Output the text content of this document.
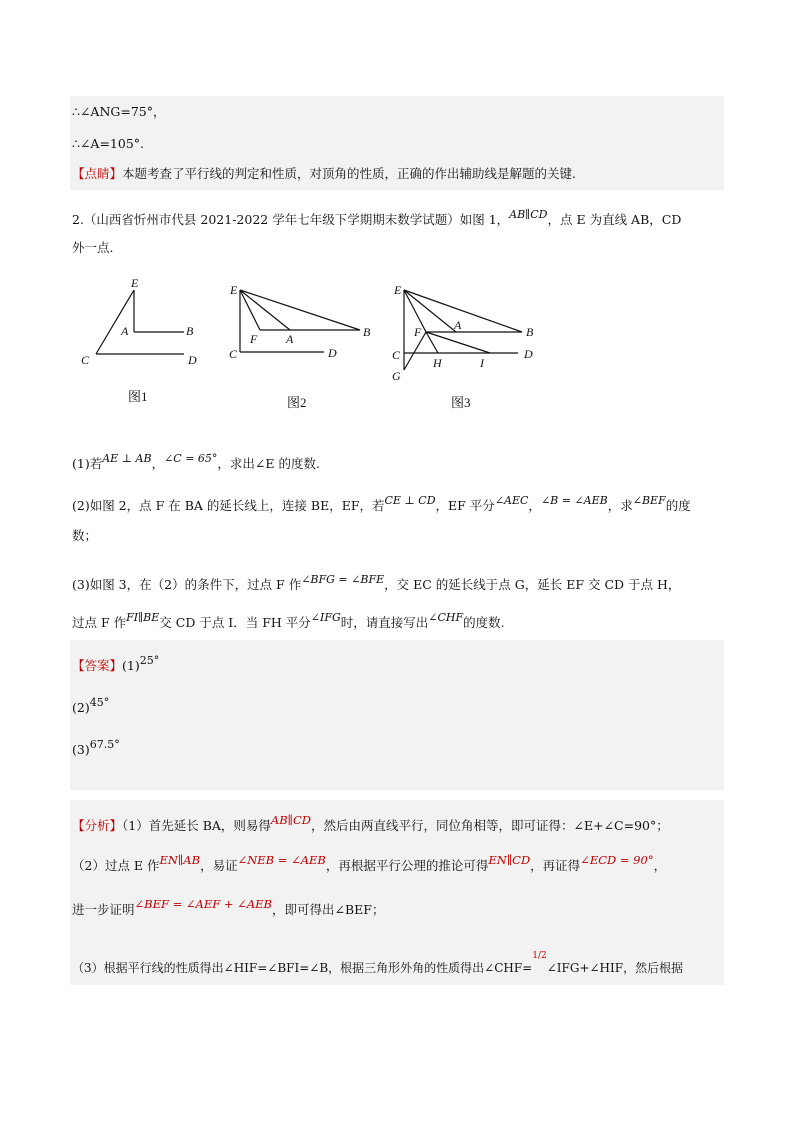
∴∠ANG=75°，
∴∠A=105°.
【点睛】本题考查了平行线的判定和性质，对顶角的性质，正确的作出辅助线是解题的关键.
2.（山西省忻州市代县 2021-2022 学年七年级下学期期末数学试题）如图 1，AB∥CD，点 E 为直线 AB，CD
外一点.
E
A	B
C	D
图1
E
F A	B
C	D
图2
E
F	A	B
C	D
G
H	I
图3
(1)若AE ⊥ AB，∠C = 65°，求出∠E 的度数.
(2)如图 2，点 F 在 BA 的延长线上，连接 BE，EF，若CE ⊥ CD，EF 平分∠AEC，∠B = ∠AEB，求∠BEF的度
数；
(3)如图 3，在（2）的条件下，过点 F 作∠BFG = ∠BFE，交 EC 的延长线于点 G，延长 EF 交 CD 于点 H，
过点 F 作FI∥BE交 CD 于点 I．当 FH 平分∠IFG时，请直接写出∠CHF的度数.
【答案】(1)25°
(2)45°
(3)67.5°
【分析】（1）首先延长 BA，则易得AB∥CD，然后由两直线平行，同位角相等，即可证得：∠E+∠C=90°；
（2）过点 E 作EN∥AB，易证∠NEB = ∠AEB，再根据平行公理的推论可得EN∥CD，再证得∠ECD = 90°，
进一步证明∠BEF = ∠AEF + ∠AEB，即可得出∠BEF；
（3）根据平行线的性质得出∠HIF=∠BFI=∠B，根据三角形外角的性质得出∠CHF=$^{1/2}$∠IFG+∠HIF，然后根据
